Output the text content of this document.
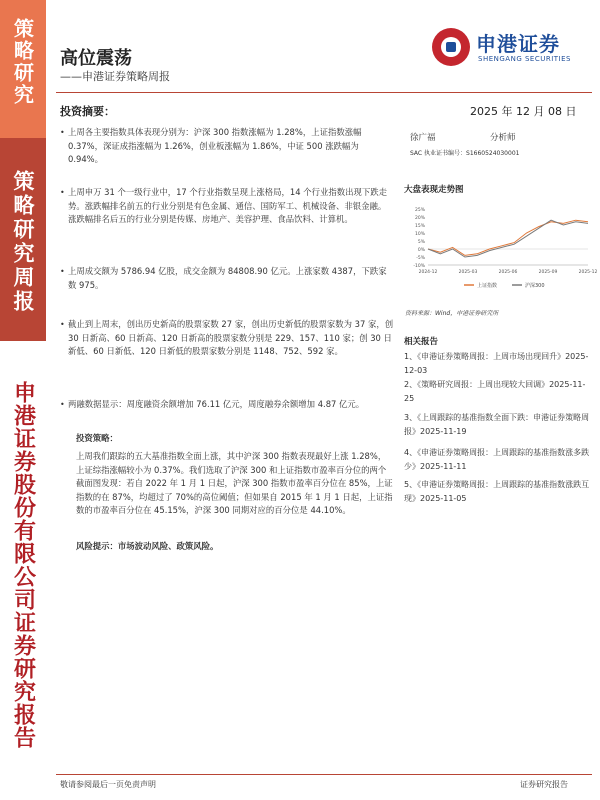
策略研究
策略研究周报
申港证券股份有限公司证券研究报告
高位震荡
——申港证券策略周报
申港证券
SHENGANG SECURITIES
投资摘要：	2025 年 12 月 08 日
• 上周各主要指数具体表现分别为：沪深 300 指数涨幅为 1.28%，上证指数涨幅 0.37%，深证成指涨幅为 1.26%，创业板涨幅为 1.86%，中证 500 涨跌幅为 0.94%。
• 上周申万 31 个一级行业中，17 个行业指数呈现上涨格局，14 个行业指数出现下跌走势。涨跌幅排名前五的行业分别是有色金属、通信、国防军工、机械设备、非银金融。涨跌幅排名后五的行业分别是传媒、房地产、美容护理、食品饮料、计算机。
• 上周成交额为 5786.94 亿股，成交金额为 84808.90 亿元。上涨家数 4387，下跌家数 975。
• 截止到上周末，创出历史新高的股票家数 27 家，创出历史新低的股票家数为 37 家，创 30 日新高、60 日新高、120 日新高的股票家数分别是 229、157、110 家；创 30 日新低、60 日新低、120 日新低的股票家数分别是 1148、752、592 家。
• 两融数据显示：周度融资余额增加 76.11 亿元，周度融券余额增加 4.87 亿元。
投资策略：
上周我们跟踪的五大基准指数全面上涨，其中沪深 300 指数表现最好上涨 1.28%，上证综指涨幅较小为 0.37%。我们选取了沪深 300 和上证指数市盈率百分位的两个截面图发现：若自 2022 年 1 月 1 日起，沪深 300 指数市盈率百分位在 85%，上证指数的在 87%，均超过了 70%的高位阈值；但如果自 2015 年 1 月 1 日起，上证指数的市盈率百分位在 45.15%，沪深 300 同期对应的百分位是 44.10%。
风险提示：市场波动风险、政策风险。
徐广福	分析师
SAC 执业证书编号：S1660524030001
大盘表现走势图
25%
20%
15%
10%
5%
0%
-5%
-10%
2024-12	2025-03	2025-06	2025-09	2025-12
上证指数	沪深300
资料来源：Wind，申港证券研究所
相关报告
1、《申港证券策略周报：上周市场出现回升》2025-12-03
2、《策略研究周报：上周出现较大回调》2025-11-25
3、《上周跟踪的基准指数全面下跌：申港证券策略周报》2025-11-19
4、《申港证券策略周报：上周跟踪的基准指数涨多跌少》2025-11-11
5、《申港证券策略周报：上周跟踪的基准指数涨跌互现》2025-11-05
敬请参阅最后一页免责声明	证券研究报告
